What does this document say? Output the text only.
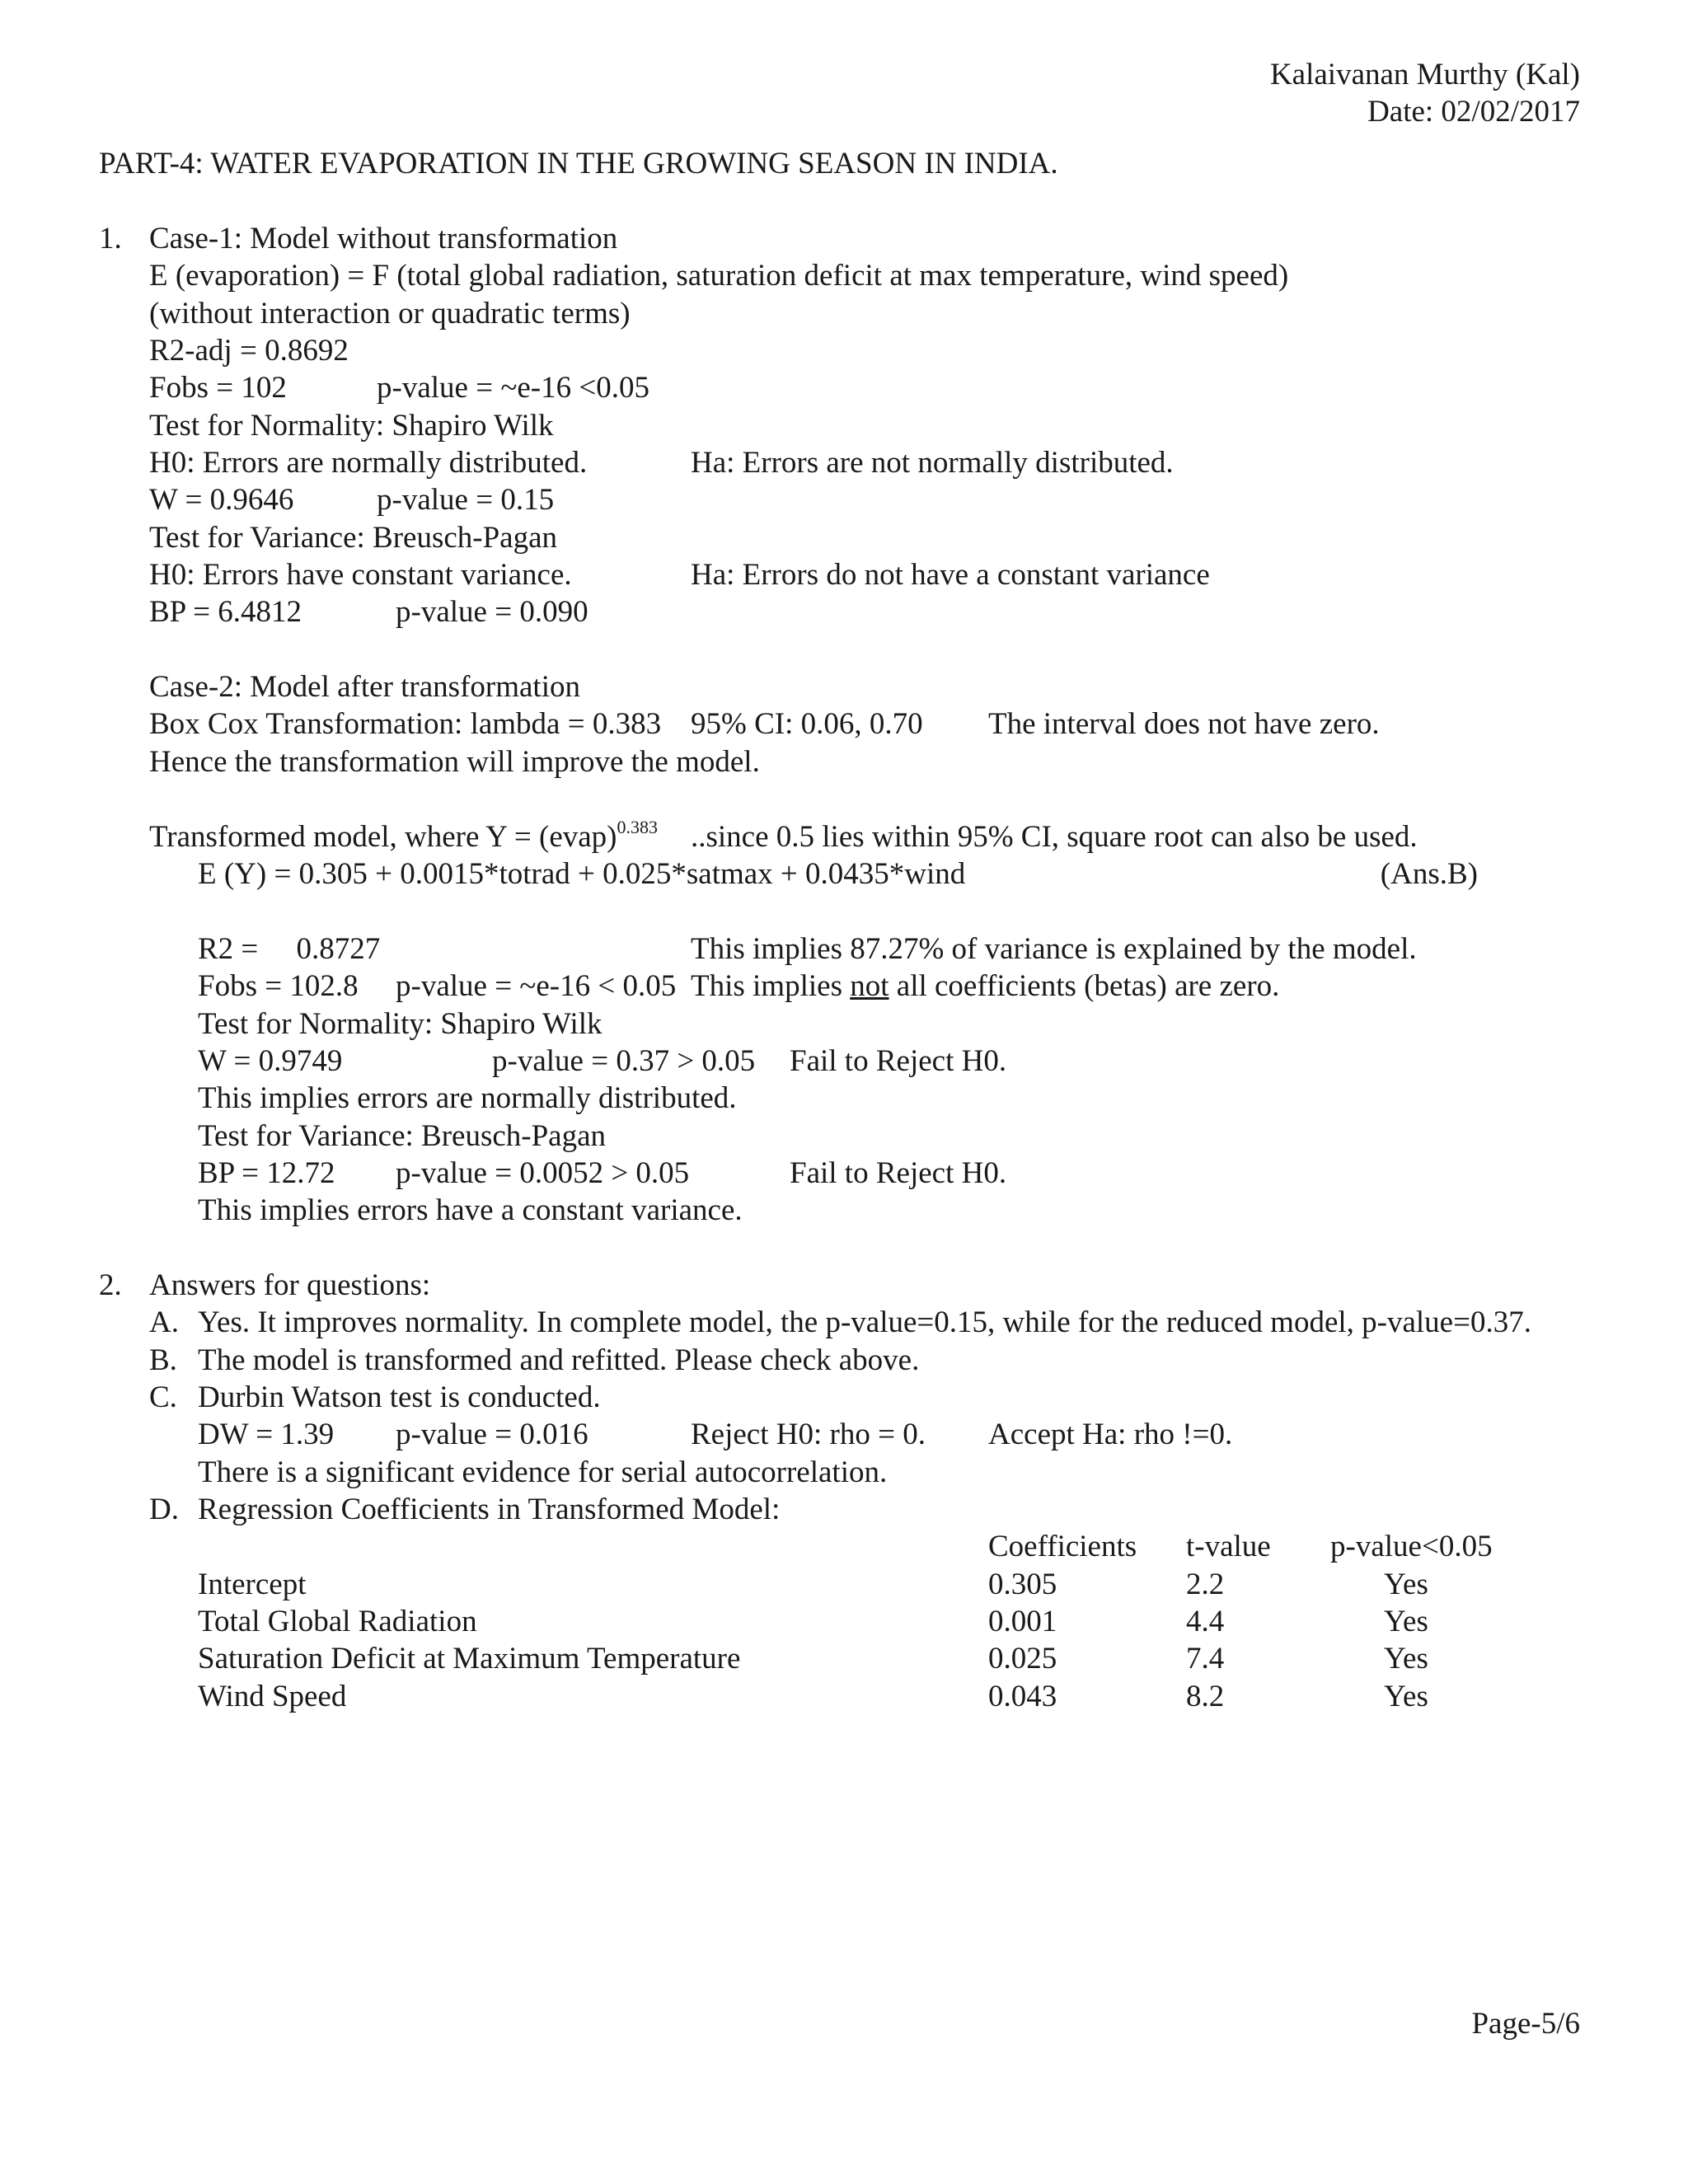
Kalaivanan Murthy (Kal)
Date: 02/02/2017
PART-4: WATER EVAPORATION IN THE GROWING SEASON IN INDIA.
1. Case-1: Model without transformation
E (evaporation) = F (total global radiation, saturation deficit at max temperature, wind speed)
(without interaction or quadratic terms)
R2-adj = 0.8692
Fobs = 102	p-value = ~e-16 <0.05
Test for Normality: Shapiro Wilk
H0: Errors are normally distributed.	Ha: Errors are not normally distributed.
W = 0.9646	p-value = 0.15
Test for Variance: Breusch-Pagan
H0: Errors have constant variance.	Ha: Errors do not have a constant variance
BP = 6.4812	p-value = 0.090
Case-2: Model after transformation
Box Cox Transformation: lambda = 0.383 95% CI: 0.06, 0.70 The interval does not have zero.
Hence the transformation will improve the model.
Transformed model, where Y = (evap)$^{0.383}$ ..since 0.5 lies within 95% CI, square root can also be used.
E (Y) = 0.305 + 0.0015*totrad + 0.025*satmax + 0.0435*wind	(Ans.B)
R2 =     0.8727	This implies 87.27% of variance is explained by the model.
Fobs = 102.8 p-value = ~e-16 < 0.05 This implies not all coefficients (betas) are zero.
Test for Normality: Shapiro Wilk
W = 0.9749	p-value = 0.37 > 0.05 Fail to Reject H0.
This implies errors are normally distributed.
Test for Variance: Breusch-Pagan
BP = 12.72 p-value = 0.0052 > 0.05	Fail to Reject H0.
This implies errors have a constant variance.
2. Answers for questions:
A. Yes. It improves normality. In complete model, the p-value=0.15, while for the reduced model, p-value=0.37.
B. The model is transformed and refitted. Please check above.
C. Durbin Watson test is conducted.
DW = 1.39 p-value = 0.016	Reject H0: rho = 0. Accept Ha: rho !=0.
There is a significant evidence for serial autocorrelation.
D. Regression Coefficients in Transformed Model:
Coefficients t-value p-value<0.05
Intercept	0.305	2.2	Yes
Total Global Radiation	0.001	4.4	Yes
Saturation Deficit at Maximum Temperature	0.025	7.4	Yes
Wind Speed	0.043	8.2	Yes
Page-5/6
